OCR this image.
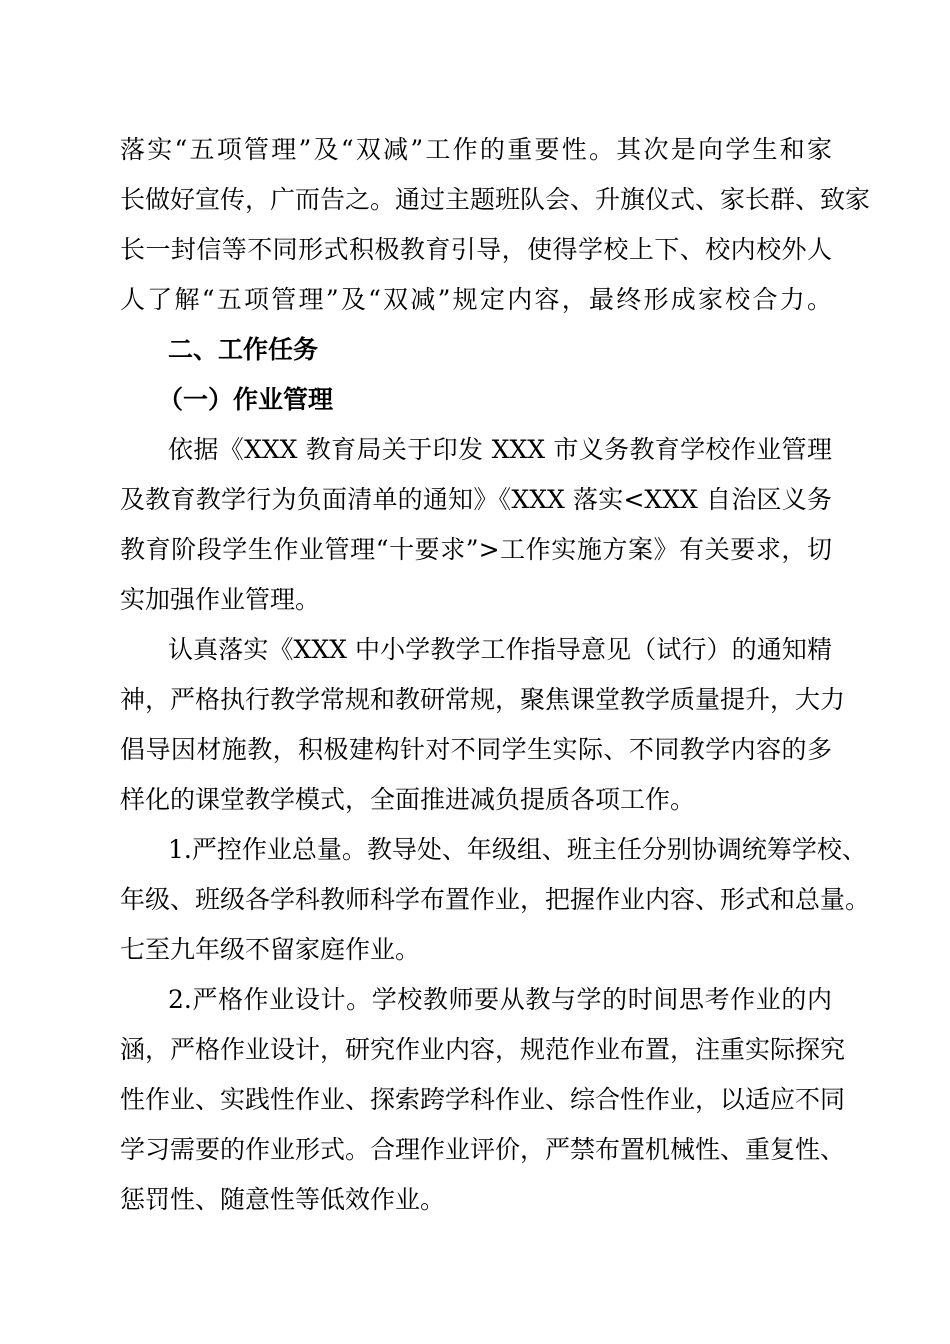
落实“五项管理”及“双减”工作的重要性。其次是向学生和家

长做好宣传，广而告之。通过主题班队会、升旗仪式、家长群、致家

长一封信等不同形式积极教育引导，使得学校上下、校内校外人

人了解“五项管理”及“双减”规定内容，最终形成家校合力。

二、工作任务

（一）作业管理

依据《XXX 教育局关于印发 XXX 市义务教育学校作业管理

及教育教学行为负面清单的通知》《XXX 落实<XXX 自治区义务

教育阶段学生作业管理“十要求”>工作实施方案》有关要求，切

实加强作业管理。

认真落实《XXX 中小学教学工作指导意见（试行）的通知精

神，严格执行教学常规和教研常规，聚焦课堂教学质量提升，大力

倡导因材施教，积极建构针对不同学生实际、不同教学内容的多

样化的课堂教学模式，全面推进减负提质各项工作。

1.严控作业总量。教导处、年级组、班主任分别协调统筹学校、

年级、班级各学科教师科学布置作业，把握作业内容、形式和总量。

七至九年级不留家庭作业。

2.严格作业设计。学校教师要从教与学的时间思考作业的内

涵，严格作业设计，研究作业内容，规范作业布置，注重实际探究

性作业、实践性作业、探索跨学科作业、综合性作业，以适应不同

学习需要的作业形式。合理作业评价，严禁布置机械性、重复性、

惩罚性、随意性等低效作业。
